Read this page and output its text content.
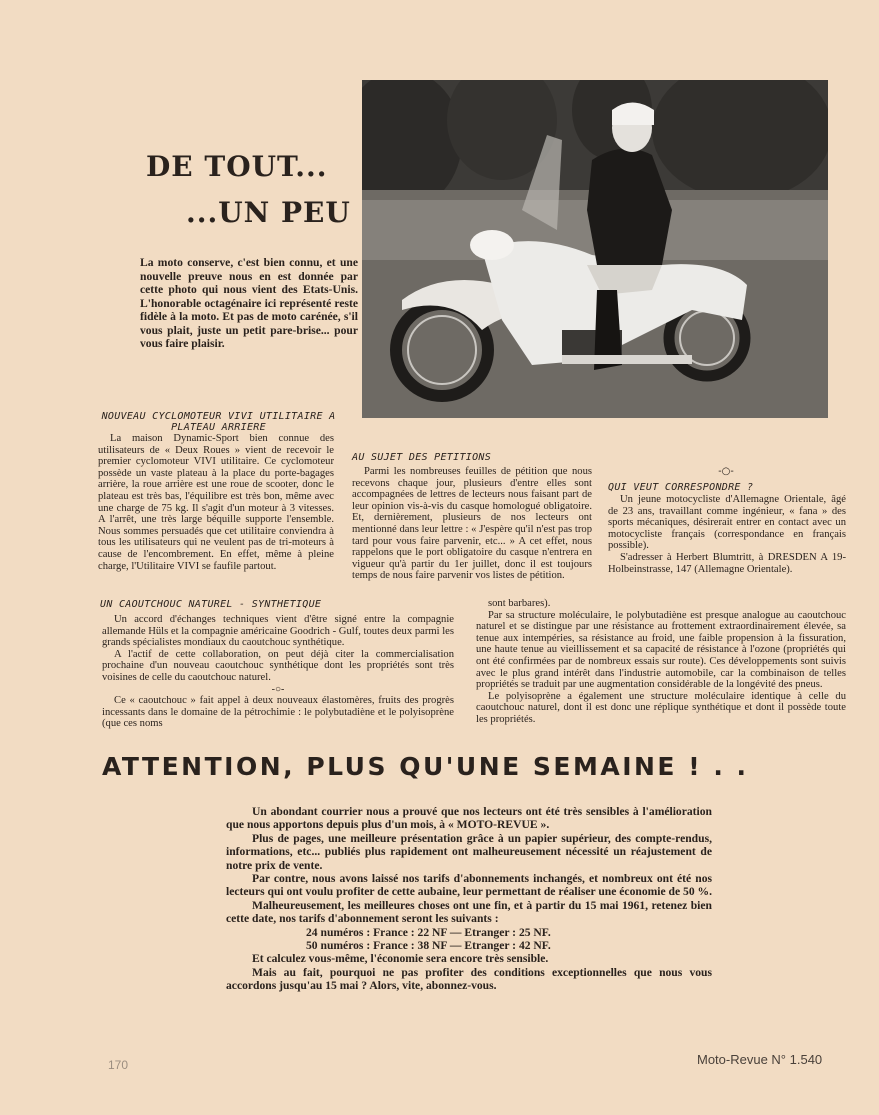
DE TOUT...
...UN PEU
La moto conserve, c'est bien connu, et une nouvelle preuve nous en est donnée par cette photo qui nous vient des Etats-Unis. L'honorable octagénaire ici représenté reste fidèle à la moto. Et pas de moto carénée, s'il vous plait, juste un petit pare-brise... pour vous faire plaisir.
NOUVEAU CYCLOMOTEUR VIVI UTILITAIRE A PLATEAU ARRIERE

La maison Dynamic-Sport bien connue des utilisateurs de « Deux Roues » vient de recevoir le premier cyclomoteur VIVI utilitaire. Ce cyclomoteur possède un vaste plateau à la place du porte-bagages arrière, la roue arrière est une roue de scooter, donc le plateau est très bas, l'équilibre est très bon, même avec une charge de 75 kg. Il s'agit d'un moteur à 3 vitesses. A l'arrêt, une très large béquille supporte l'ensemble. Nous sommes persuadés que cet utilitaire conviendra à tous les utilisateurs qui ne veulent pas de tri-moteurs à cause de l'encombrement. En effet, même à pleine charge, l'Utilitaire VIVI se faufile partout.

AU SUJET DES PETITIONS

Parmi les nombreuses feuilles de pétition que nous recevons chaque jour, plusieurs d'entre elles sont accompagnées de lettres de lecteurs nous faisant part de leur opinion vis-à-vis du casque homologué obligatoire. Et, dernièrement, plusieurs de nos lecteurs ont mentionné dans leur lettre : « J'espère qu'il n'est pas trop tard pour vous faire parvenir, etc... » A cet effet, nous rappelons que le port obligatoire du casque n'entrera en vigueur qu'à partir du 1er juillet, donc il est toujours temps de nous faire parvenir vos listes de pétition.

-○-
QUI VEUT CORRESPONDRE ?

Un jeune motocycliste d'Allemagne Orientale, âgé de 23 ans, travaillant comme ingénieur, « fana » des sports mécaniques, désirerait entrer en contact avec un motocycliste français (correspondance en français possible).

S'adresser à Herbert Blumtritt, à DRESDEN A 19-Holbeinstrasse, 147 (Allemagne Orientale).

UN CAOUTCHOUC NATUREL - SYNTHETIQUE

Un accord d'échanges techniques vient d'être signé entre la compagnie allemande Hüls et la compagnie américaine Goodrich - Gulf, toutes deux parmi les grands spécialistes mondiaux du caoutchouc synthétique.

A l'actif de cette collaboration, on peut déjà citer la commercialisation prochaine d'un nouveau caoutchouc synthétique dont les propriétés sont très voisines de celle du caoutchouc naturel.

-○-

Ce « caoutchouc » fait appel à deux nouveaux élastomères, fruits des progrès incessants dans le domaine de la pétrochimie : le polybutadiène et le polyisoprène (que ces noms

sont barbares).

Par sa structure moléculaire, le polybutadiène est presque analogue au caoutchouc naturel et se distingue par une résistance au frottement extraordinairement élevée, sa tenue aux intempéries, sa résistance au froid, une faible propension à la fissuration, une haute tenue au vieillissement et sa capacité de résistance à l'ozone (propriétés qui ont été confirmées par de nombreux essais sur route). Ces développements sont suivis avec le plus grand intérêt dans l'industrie automobile, car la combinaison de telles propriétés se traduit par une augmentation considérable de la longévité des pneus.

Le polyisoprène a également une structure moléculaire identique à celle du caoutchouc naturel, dont il est donc une réplique synthétique et dont il possède toute les propriétés.

ATTENTION, PLUS QU'UNE SEMAINE ! . .

Un abondant courrier nous a prouvé que nos lecteurs ont été très sensibles à l'amélioration que nous apportons depuis plus d'un mois, à « MOTO-REVUE ».

Plus de pages, une meilleure présentation grâce à un papier supérieur, des compte-rendus, informations, etc... publiés plus rapidement ont malheureusement nécessité un réajustement de notre prix de vente.

Par contre, nous avons laissé nos tarifs d'abonnements inchangés, et nombreux ont été nos lecteurs qui ont voulu profiter de cette aubaine, leur permettant de réaliser une économie de 50 %.

Malheureusement, les meilleures choses ont une fin, et à partir du 15 mai 1961, retenez bien cette date, nos tarifs d'abonnement seront les suivants :

24 numéros : France : 22 NF — Etranger : 25 NF.

50 numéros : France : 38 NF — Etranger : 42 NF.

Et calculez vous-même, l'économie sera encore très sensible.

Mais au fait, pourquoi ne pas profiter des conditions exceptionnelles que nous vous accordons jusqu'au 15 mai ? Alors, vite, abonnez-vous.

170	Moto-Revue N° 1.540
